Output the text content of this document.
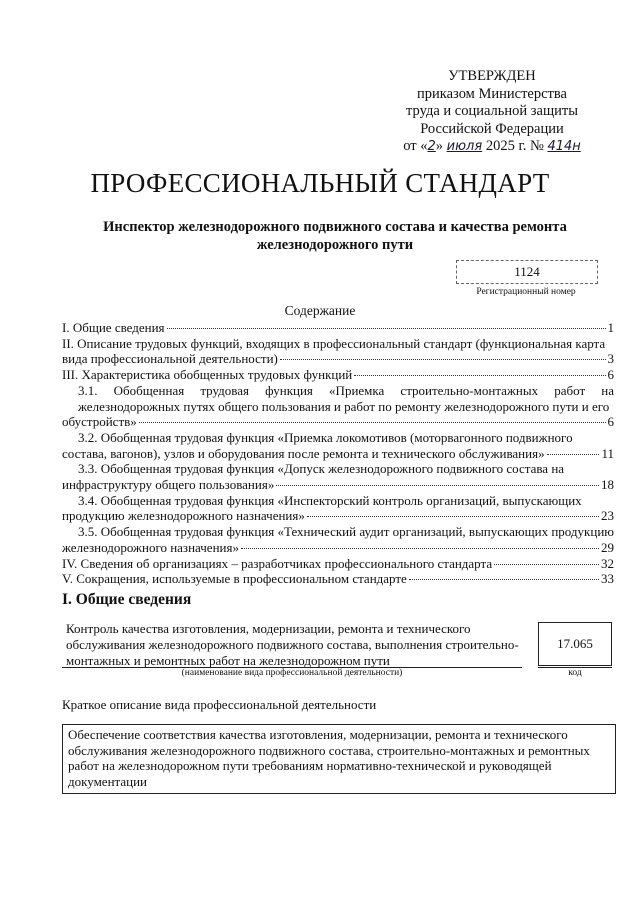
УТВЕРЖДЕН
приказом Министерства
труда и социальной защиты
Российской Федерации
от «2» июля 2025 г. № 414н
ПРОФЕССИОНАЛЬНЫЙ СТАНДАРТ
Инспектор железнодорожного подвижного состава и качества ремонта железнодорожного пути
1124
Регистрационный номер
Содержание
I. Общие сведения	1
II. Описание трудовых функций, входящих в профессиональный стандарт (функциональная карта
вида профессиональной деятельности)	3
III. Характеристика обобщенных трудовых функций	6
3.1. Обобщенная трудовая функция «Приемка строительно-монтажных работ на железнодорожных путях общего пользования и работ по ремонту железнодорожного пути и его
обустройств»	6
3.2. Обобщенная трудовая функция «Приемка локомотивов (моторвагонного подвижного
состава, вагонов), узлов и оборудования после ремонта и технического обслуживания»	11
3.3. Обобщенная трудовая функция «Допуск железнодорожного подвижного состава на
инфраструктуру общего пользования»	18
3.4. Обобщенная трудовая функция «Инспекторский контроль организаций, выпускающих
продукцию железнодорожного назначения»	23
3.5. Обобщенная трудовая функция «Технический аудит организаций, выпускающих продукцию
железнодорожного назначения»	29
IV. Сведения об организациях – разработчиках профессионального стандарта	32
V. Сокращения, используемые в профессиональном стандарте	33
I. Общие сведения
Контроль качества изготовления, модернизации, ремонта и технического обслуживания железнодорожного подвижного состава, выполнения строительно-монтажных и ремонтных работ на железнодорожном пути
(наименование вида профессиональной деятельности)
17.065
код
Краткое описание вида профессиональной деятельности
Обеспечение соответствия качества изготовления, модернизации, ремонта и технического обслуживания железнодорожного подвижного состава, строительно-монтажных и ремонтных работ на железнодорожном пути требованиям нормативно-технической и руководящей документации
